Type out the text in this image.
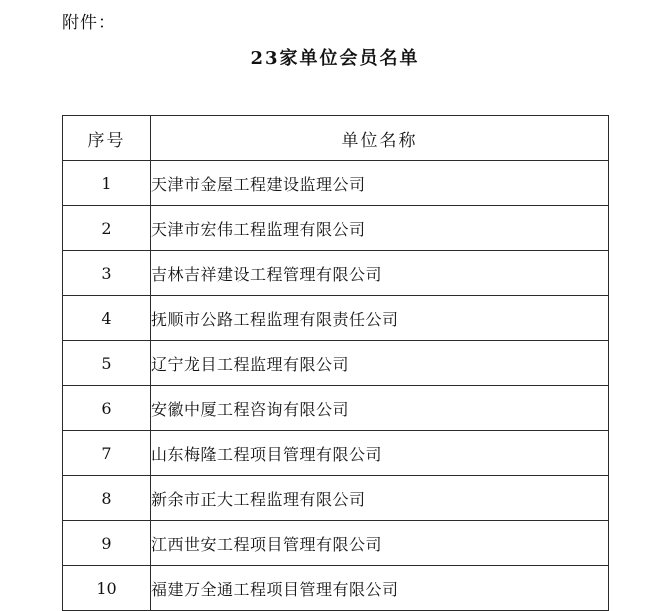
附件：
23家单位会员名单
序号	单位名称
1	天津市金屋工程建设监理公司
2	天津市宏伟工程监理有限公司
3	吉林吉祥建设工程管理有限公司
4	抚顺市公路工程监理有限责任公司
5	辽宁龙目工程监理有限公司
6	安徽中厦工程咨询有限公司
7	山东梅隆工程项目管理有限公司
8	新余市正大工程监理有限公司
9	江西世安工程项目管理有限公司
10	福建万全通工程项目管理有限公司
